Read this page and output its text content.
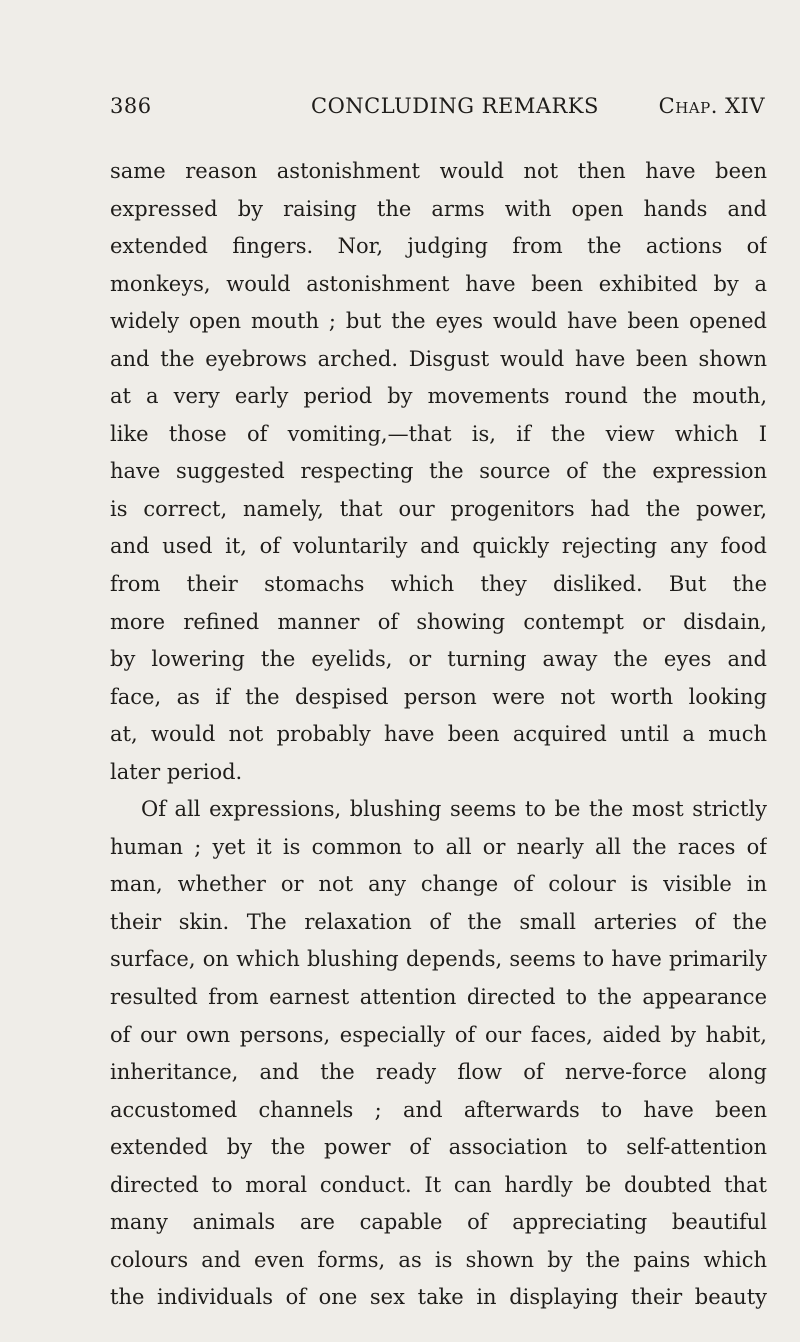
386	CONCLUDING REMARKS	Chap. XIV
same reason astonishment would not then have been
expressed by raising the arms with open hands and
extended fingers. Nor, judging from the actions of
monkeys, would astonishment have been exhibited by a
widely open mouth ; but the eyes would have been opened
and the eyebrows arched. Disgust would have been shown
at a very early period by movements round the mouth,
like those of vomiting,—that is, if the view which I
have suggested respecting the source of the expression
is correct, namely, that our progenitors had the power,
and used it, of voluntarily and quickly rejecting any food
from their stomachs which they disliked. But the
more refined manner of showing contempt or disdain,
by lowering the eyelids, or turning away the eyes and
face, as if the despised person were not worth looking
at, would not probably have been acquired until a much
later period.
Of all expressions, blushing seems to be the most strictly
human ; yet it is common to all or nearly all the races of
man, whether or not any change of colour is visible in
their skin. The relaxation of the small arteries of the
surface, on which blushing depends, seems to have primarily
resulted from earnest attention directed to the appearance
of our own persons, especially of our faces, aided by habit,
inheritance, and the ready flow of nerve-force along
accustomed channels ; and afterwards to have been
extended by the power of association to self-attention
directed to moral conduct. It can hardly be doubted that
many animals are capable of appreciating beautiful
colours and even forms, as is shown by the pains which
the individuals of one sex take in displaying their beauty
